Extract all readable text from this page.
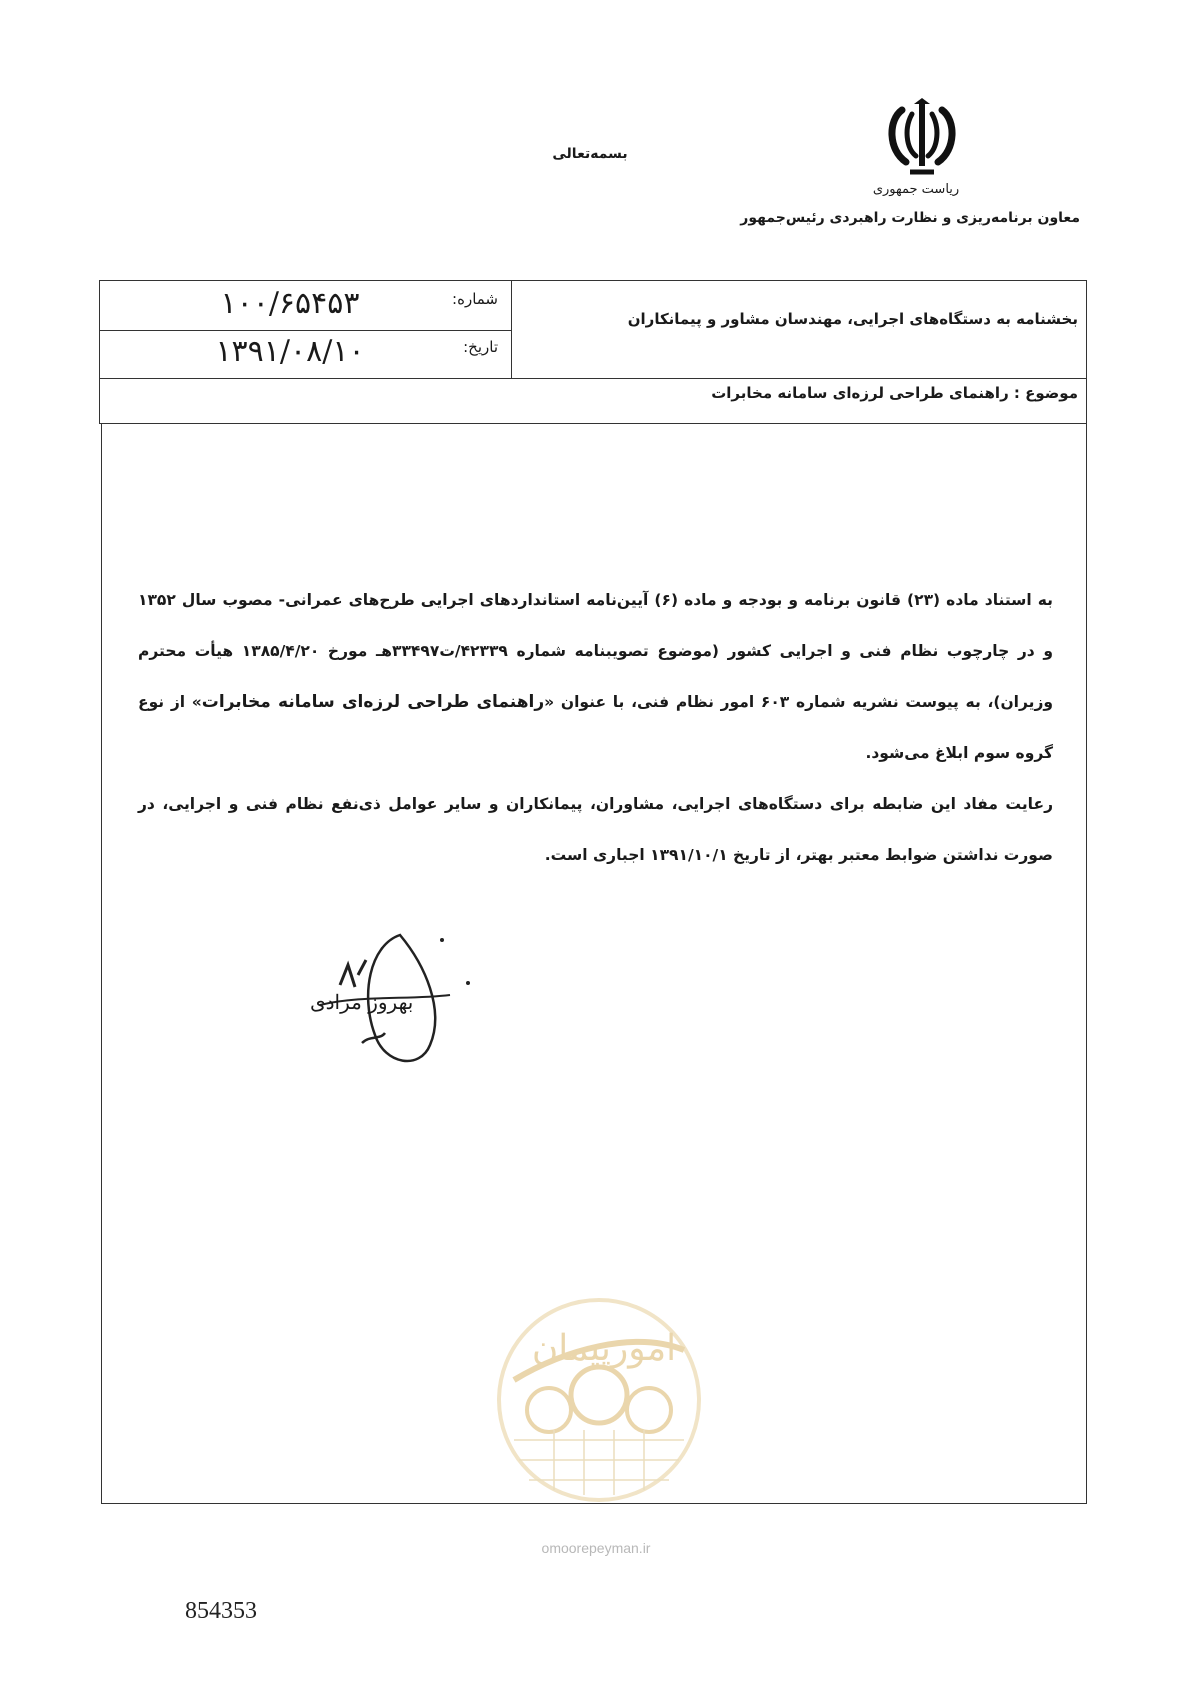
ریاست جمهوری
معاون برنامه‌ریزی و نظارت راهبردی رئیس‌جمهور
بسمه‌تعالی
شماره:
۱۰۰/۶۵۴۵۳
تاریخ:
۱۳۹۱/۰۸/۱۰
بخشنامه به دستگاه‌های اجرایی، مهندسان مشاور و پیمانکاران
موضوع : راهنمای طراحی لرزه‌ای سامانه مخابرات

به استناد ماده (۲۳) قانون برنامه و بودجه و ماده (۶) آیین‌نامه استانداردهای اجرایی طرح‌های عمرانی- مصوب سال ۱۳۵۲ و در چارچوب نظام فنی و اجرایی کشور (موضوع تصویبنامه شماره ۴۲۳۳۹/ت۳۳۴۹۷هـ مورخ ۱۳۸۵/۴/۲۰ هیأت محترم وزیران)، به پیوست نشریه شماره ۶۰۳ امور نظام فنی، با عنوان «راهنمای طراحی لرزه‌ای سامانه مخابرات» از نوع گروه سوم ابلاغ می‌شود.

رعایت مفاد این ضابطه برای دستگاه‌های اجرایی، مشاوران، پیمانکاران و سایر عوامل ذی‌نفع نظام فنی و اجرایی، در صورت نداشتن ضوابط معتبر بهتر، از تاریخ ۱۳۹۱/۱۰/۱ اجباری است.

بهروز مرادی
امورپیمان
omoorepeyman.ir
854353
